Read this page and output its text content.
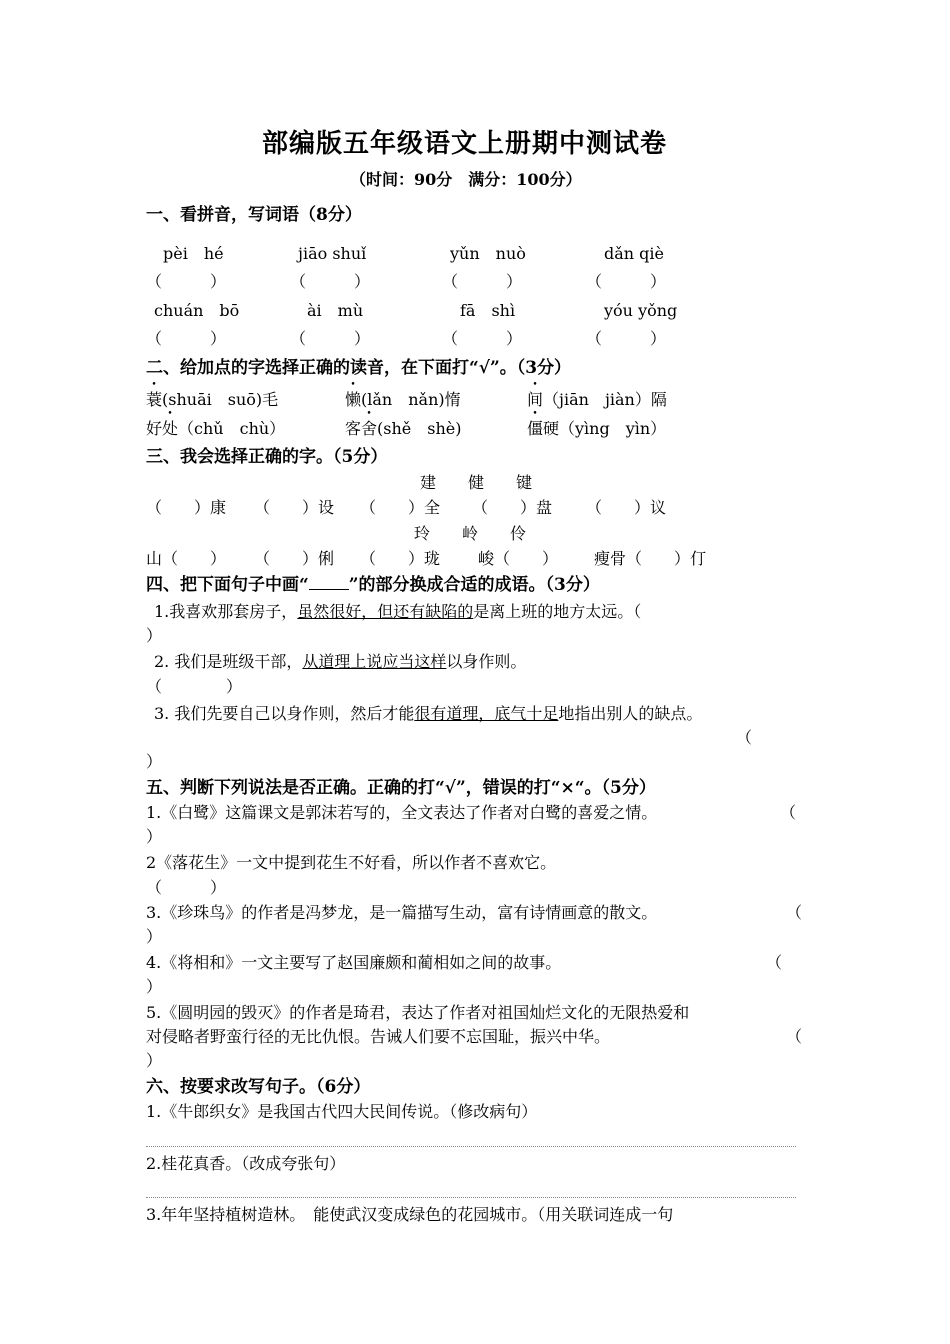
部编版五年级语文上册期中测试卷
（时间：90分　满分：100分）
一、看拼音，写词语（8分）
pèi　hé	jiāo shuǐ	yǔn　nuò	dǎn qiè
（　　　）	（　　　）	（　　　）	（　　　）
chuán　bō	ài　mù	fā　shì	yóu yǒng
（　　　）	（　　　）	（　　　）	（　　　）
二、给加点的字选择正确的读音，在下面打“√”。（3分）
蓑(shuāi　suō)毛	懒(lǎn　nǎn)惰	间（jiān　jiàn）隔
好处（chǔ　chù）	客舍(shě　shè)	僵硬（yìng　yìn）
三、我会选择正确的字。（5分）
建　　健　　键
（　　）康 （　　）设 （　　）全 （　　）盘 （　　）议
玲　　岭　　伶
山（　　） （　　）俐 （　　）珑 峻（　　） 瘦骨（　　）仃
四、把下面句子中画“ ”的部分换成合适的成语。（3分）
1.我喜欢那套房子，虽然很好，但还有缺陷的是离上班的地方太远。（
）
2. 我们是班级干部，从道理上说应当这样以身作则。
（　　　　）
3. 我们先要自己以身作则，然后才能很有道理，底气十足地指出别人的缺点。
（
）
五、判断下列说法是否正确。正确的打“√”，错误的打“×“。（5分）
1.《白鹭》这篇课文是郭沫若写的，全文表达了作者对白鹭的喜爱之情。	（
）
2《落花生》一文中提到花生不好看，所以作者不喜欢它。
（　　　）
3.《珍珠鸟》的作者是冯梦龙，是一篇描写生动，富有诗情画意的散文。	（
）
4.《将相和》一文主要写了赵国廉颇和蔺相如之间的故事。	（
）
5.《圆明园的毁灭》的作者是琦君，表达了作者对祖国灿烂文化的无限热爱和
对侵略者野蛮行径的无比仇恨。告诫人们要不忘国耻，振兴中华。	（
）
六、按要求改写句子。（6分）
1.《牛郎织女》是我国古代四大民间传说。（修改病句）
2.桂花真香。（改成夸张句）
3.年年坚持植树造林。　能使武汉变成绿色的花园城市。（用关联词连成一句
